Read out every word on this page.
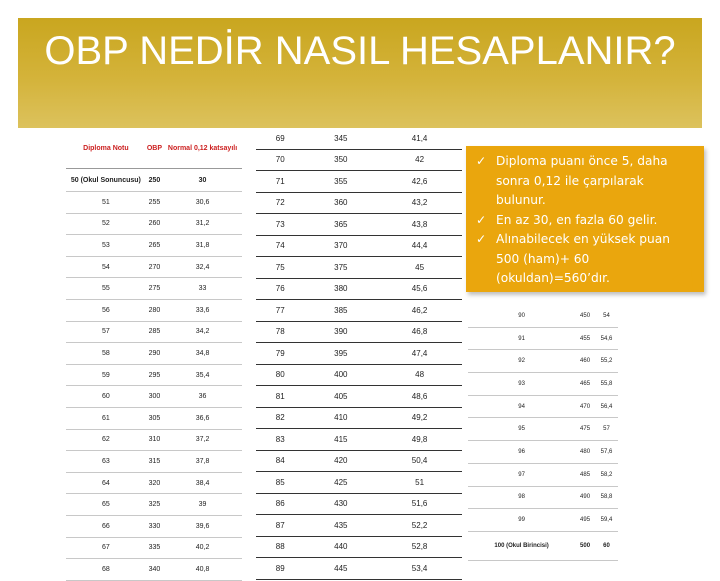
OBP NEDİR NASIL HESAPLANIR?
Diploma Notu	OBP	Normal 0,12 katsayılı
50 (Okul Sonuncusu)	250	30
51	255	30,6
52	260	31,2
53	265	31,8
54	270	32,4
55	275	33
56	280	33,6
57	285	34,2
58	290	34,8
59	295	35,4
60	300	36
61	305	36,6
62	310	37,2
63	315	37,8
64	320	38,4
65	325	39
66	330	39,6
67	335	40,2
68	340	40,8
69	345	41,4
70	350	42
71	355	42,6
72	360	43,2
73	365	43,8
74	370	44,4
75	375	45
76	380	45,6
77	385	46,2
78	390	46,8
79	395	47,4
80	400	48
81	405	48,6
82	410	49,2
83	415	49,8
84	420	50,4
85	425	51
86	430	51,6
87	435	52,2
88	440	52,8
89	445	53,4
90	450	54
91	455	54,6
92	460	55,2
93	465	55,8
94	470	56,4
95	475	57
96	480	57,6
97	485	58,2
98	490	58,8
99	495	59,4
100 (Okul Birincisi)	500	60
✓ Diploma puanı önce 5, daha sonra 0,12 ile çarpılarak bulunur.
✓ En az 30, en fazla 60 gelir.
✓ Alınabilecek en yüksek puan 500 (ham)+ 60 (okuldan)=560’dır.
